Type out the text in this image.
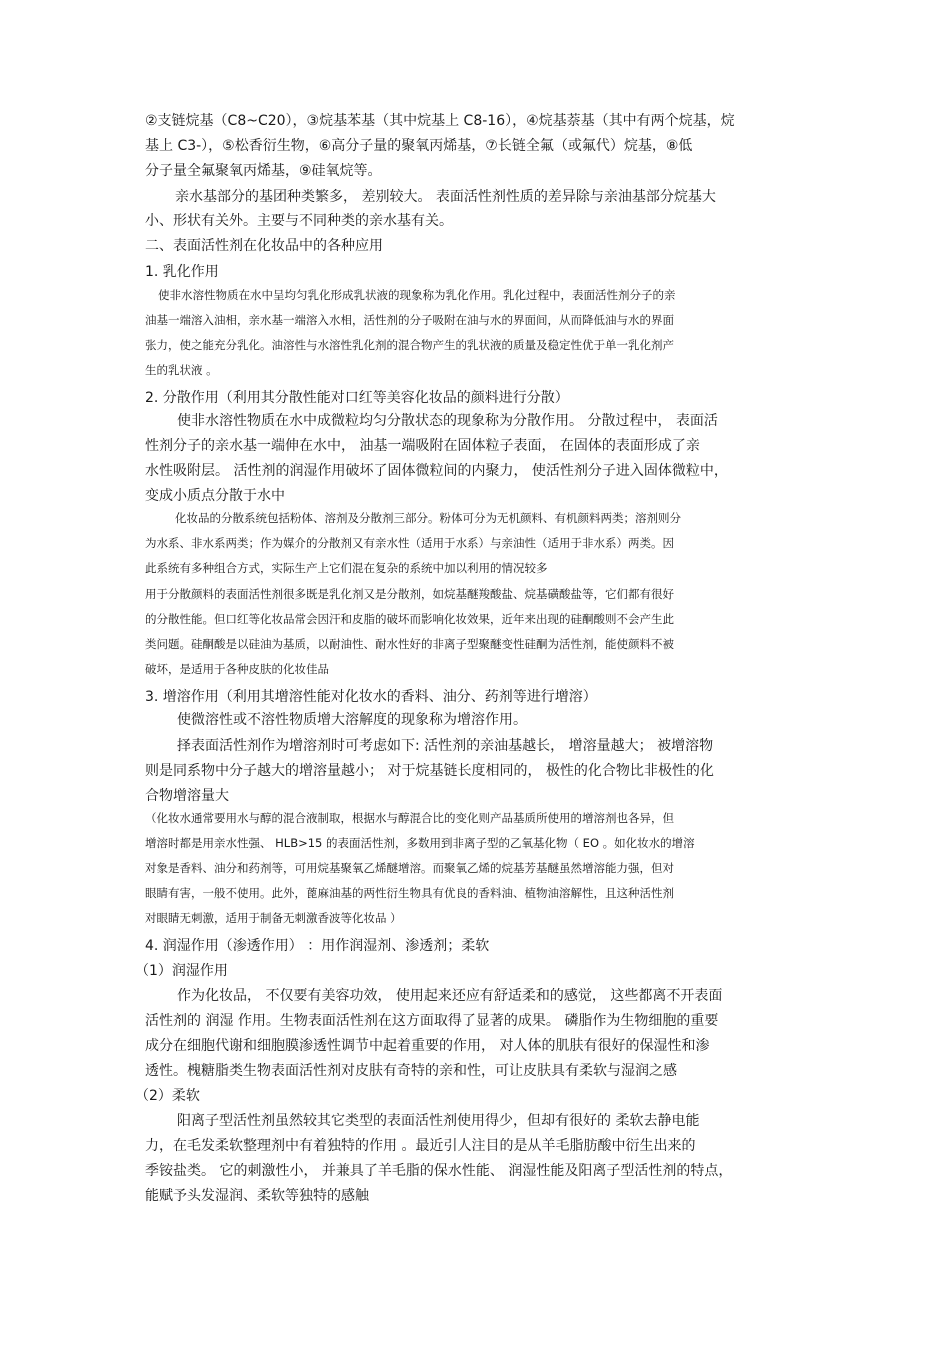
②支链烷基（C8~C20），③烷基苯基（其中烷基上 C8-16），④烷基萘基（其中有两个烷基，烷
基上 C3-），⑤松香衍生物，⑥高分子量的聚氧丙烯基，⑦长链全氟（或氟代）烷基，⑧低
分子量全氟聚氧丙烯基，⑨硅氧烷等。
亲水基部分的基团种类繁多， 差别较大。 表面活性剂性质的差异除与亲油基部分烷基大
小、形状有关外。主要与不同种类的亲水基有关。
二、表面活性剂在化妆品中的各种应用
1. 乳化作用
使非水溶性物质在水中呈均匀乳化形成乳状液的现象称为乳化作用。乳化过程中，表面活性剂分子的亲
油基一端溶入油相，亲水基一端溶入水相，活性剂的分子吸附在油与水的界面间，从而降低油与水的界面
张力，使之能充分乳化。油溶性与水溶性乳化剂的混合物产生的乳状液的质量及稳定性优于单一乳化剂产
生的乳状液 。
2. 分散作用（利用其分散性能对口红等美容化妆品的颜料进行分散）
使非水溶性物质在水中成微粒均匀分散状态的现象称为分散作用。 分散过程中， 表面活
性剂分子的亲水基一端伸在水中， 油基一端吸附在固体粒子表面， 在固体的表面形成了亲
水性吸附层。 活性剂的润湿作用破坏了固体微粒间的内聚力， 使活性剂分子进入固体微粒中，
变成小质点分散于水中
化妆品的分散系统包括粉体、溶剂及分散剂三部分。粉体可分为无机颜料、有机颜料两类；溶剂则分
为水系、非水系两类；作为媒介的分散剂又有亲水性（适用于水系）与亲油性（适用于非水系）两类。因
此系统有多种组合方式，实际生产上它们混在复杂的系统中加以利用的情况较多
用于分散颜料的表面活性剂很多既是乳化剂又是分散剂，如烷基醚羧酸盐、烷基磺酸盐等，它们都有很好
的分散性能。但口红等化妆品常会因汗和皮脂的破坏而影响化妆效果，近年来出现的硅酮酸则不会产生此
类问题。硅酮酸是以硅油为基质，以耐油性、耐水性好的非离子型聚醚变性硅酮为活性剂，能使颜料不被
破坏，是适用于各种皮肤的化妆佳品
3. 增溶作用（利用其增溶性能对化妆水的香料、油分、药剂等进行增溶）
使微溶性或不溶性物质增大溶解度的现象称为增溶作用。
择表面活性剂作为增溶剂时可考虑如下: 活性剂的亲油基越长， 增溶量越大； 被增溶物
则是同系物中分子越大的增溶量越小； 对于烷基链长度相同的， 极性的化合物比非极性的化
合物增溶量大
（化妆水通常要用水与醇的混合液制取，根据水与醇混合比的变化则产品基质所使用的增溶剂也各异，但
增溶时都是用亲水性强、 HLB>15 的表面活性剂，多数用到非离子型的乙氧基化物（ EO 。如化妆水的增溶
对象是香料、油分和药剂等，可用烷基聚氧乙烯醚增溶。而聚氧乙烯的烷基芳基醚虽然增溶能力强，但对
眼睛有害，一般不使用。此外，蓖麻油基的两性衍生物具有优良的香料油、植物油溶解性，且这种活性剂
对眼睛无刺激，适用于制备无刺激香波等化妆品 ）
4. 润湿作用（渗透作用） ：用作润湿剂、渗透剂；柔软
（1）润湿作用
作为化妆品， 不仅要有美容功效， 使用起来还应有舒适柔和的感觉， 这些都离不开表面
活性剂的 润湿 作用。生物表面活性剂在这方面取得了显著的成果。 磷脂作为生物细胞的重要
成分在细胞代谢和细胞膜渗透性调节中起着重要的作用， 对人体的肌肤有很好的保湿性和渗
透性。槐糖脂类生物表面活性剂对皮肤有奇特的亲和性，可让皮肤具有柔软与湿润之感
（2）柔软
阳离子型活性剂虽然较其它类型的表面活性剂使用得少，但却有很好的 柔软去静电能
力，在毛发柔软整理剂中有着独特的作用 。最近引人注目的是从羊毛脂肪酸中衍生出来的
季铵盐类。 它的刺激性小， 并兼具了羊毛脂的保水性能、 润湿性能及阳离子型活性剂的特点，
能赋予头发湿润、柔软等独特的感触
